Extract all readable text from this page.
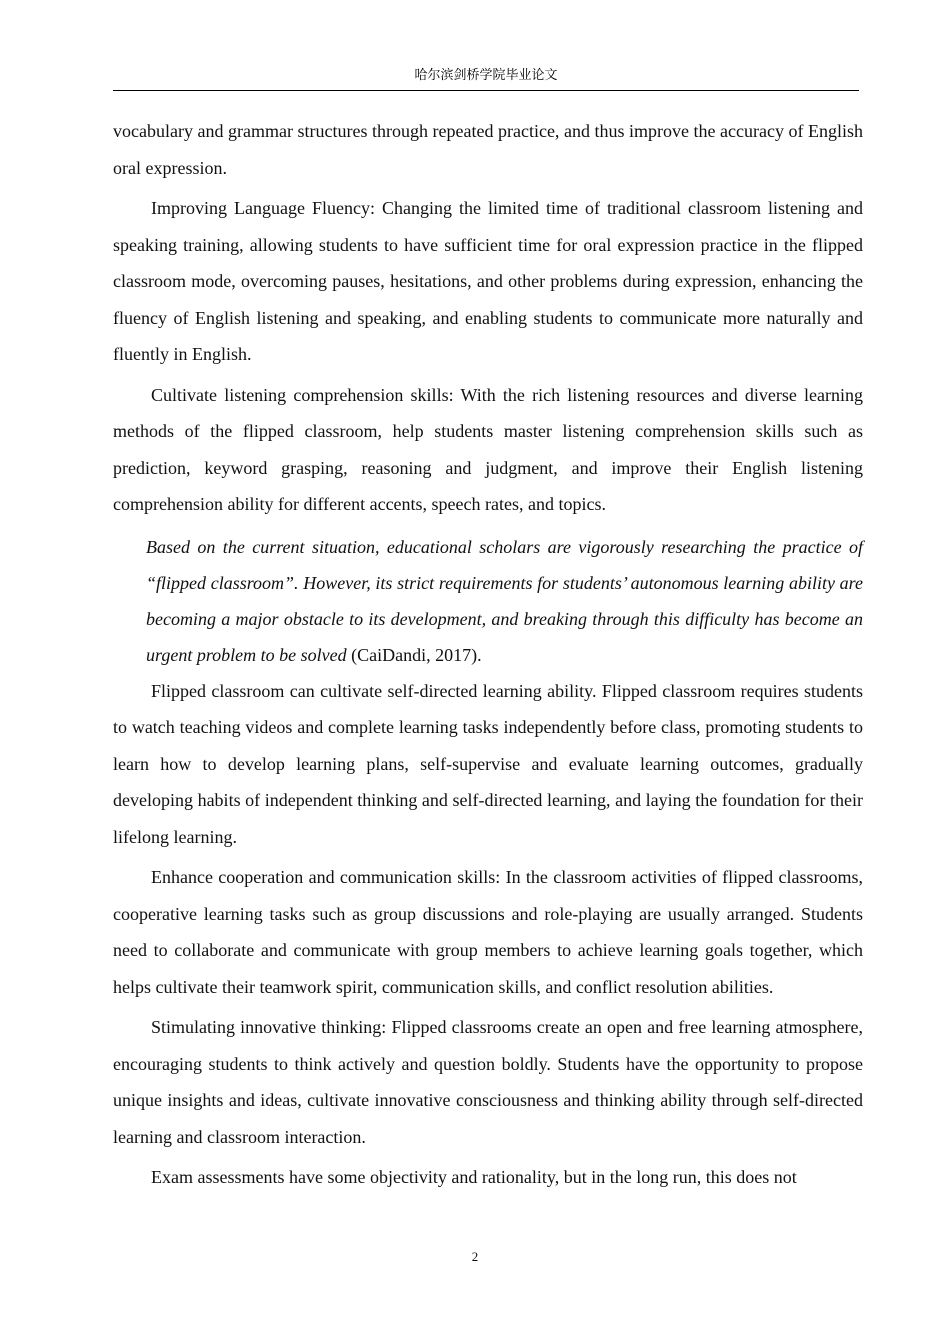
哈尔滨剑桥学院毕业论文

vocabulary and grammar structures through repeated practice, and thus improve the accuracy of English oral expression.

Improving Language Fluency: Changing the limited time of traditional classroom listening and speaking training, allowing students to have sufficient time for oral expression practice in the flipped classroom mode, overcoming pauses, hesitations, and other problems during expression, enhancing the fluency of English listening and speaking, and enabling students to communicate more naturally and fluently in English.

Cultivate listening comprehension skills: With the rich listening resources and diverse learning methods of the flipped classroom, help students master listening comprehension skills such as prediction, keyword grasping, reasoning and judgment, and improve their English listening comprehension ability for different accents, speech rates, and topics.

Based on the current situation, educational scholars are vigorously researching the practice of “flipped classroom”. However, its strict requirements for students’ autonomous learning ability are becoming a major obstacle to its development, and breaking through this difficulty has become an urgent problem to be solved (CaiDandi, 2017).

Flipped classroom can cultivate self-directed learning ability. Flipped classroom requires students to watch teaching videos and complete learning tasks independently before class, promoting students to learn how to develop learning plans, self-supervise and evaluate learning outcomes, gradually developing habits of independent thinking and self-directed learning, and laying the foundation for their lifelong learning.

Enhance cooperation and communication skills: In the classroom activities of flipped classrooms, cooperative learning tasks such as group discussions and role-playing are usually arranged. Students need to collaborate and communicate with group members to achieve learning goals together, which helps cultivate their teamwork spirit, communication skills, and conflict resolution abilities.

Stimulating innovative thinking: Flipped classrooms create an open and free learning atmosphere, encouraging students to think actively and question boldly. Students have the opportunity to propose unique insights and ideas, cultivate innovative consciousness and thinking ability through self-directed learning and classroom interaction.

Exam assessments have some objectivity and rationality, but in the long run, this does not

2
